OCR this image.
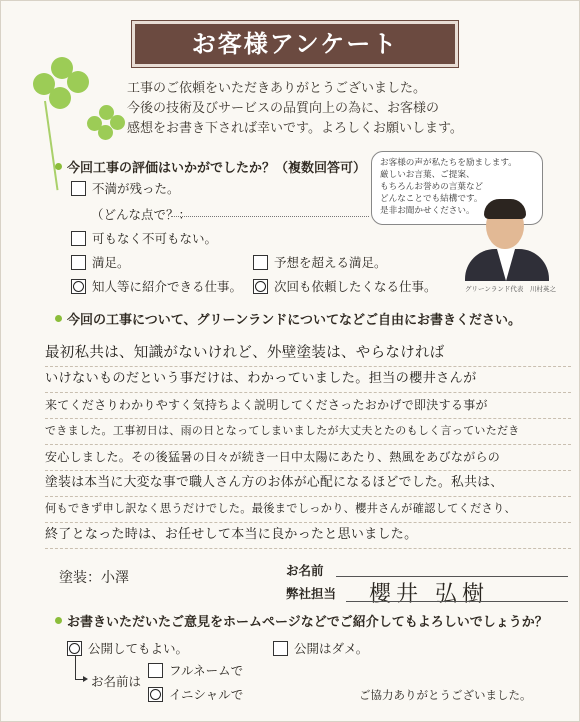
お客様アンケート

工事のご依頼をいただきありがとうございました。

今後の技術及びサービスの品質向上の為に、お客様の

感想をお書き下されば幸いです。よろしくお願いします。

今回工事の評価はいかがでしたか？（複数回答可）
不満が残った。
（どんな点で？：
可もなく不可もない。
満足。	予想を超える満足。
知人等に紹介できる仕事。	次回も依頼したくなる仕事。

お客様の声が私たちを励まします。

厳しいお言葉、ご提案、

もちろんお誉めの言葉など

どんなことでも結構です。

是非お聞かせください。

グリーンランド代表　川村英之
今回の工事について、グリーンランドについてなどご自由にお書きください。
最初私共は、知識がないけれど、外壁塗装は、やらなければ
いけないものだという事だけは、わかっていました。担当の櫻井さんが
来てくださりわかりやすく気持ちよく説明してくださったおかげで即決する事が
できました。工事初日は、雨の日となってしまいましたが大丈夫とたのもしく言っていただき
安心しました。その後猛暑の日々が続き一日中太陽にあたり、熱風をあびながらの
塗装は本当に大変な事で職人さん方のお体が心配になるほどでした。私共は、
何もできず申し訳なく思うだけでした。最後までしっかり、櫻井さんが確認してくださり、
終了となった時は、お任せして本当に良かったと思いました。
塗装：小澤	お名前
弊社担当 櫻井 弘樹
お書きいただいたご意見をホームページなどでご紹介してもよろしいでしょうか？
公開してもよい。	公開はダメ。
お名前は
フルネームで
イニシャルで	ご協力ありがとうございました。
